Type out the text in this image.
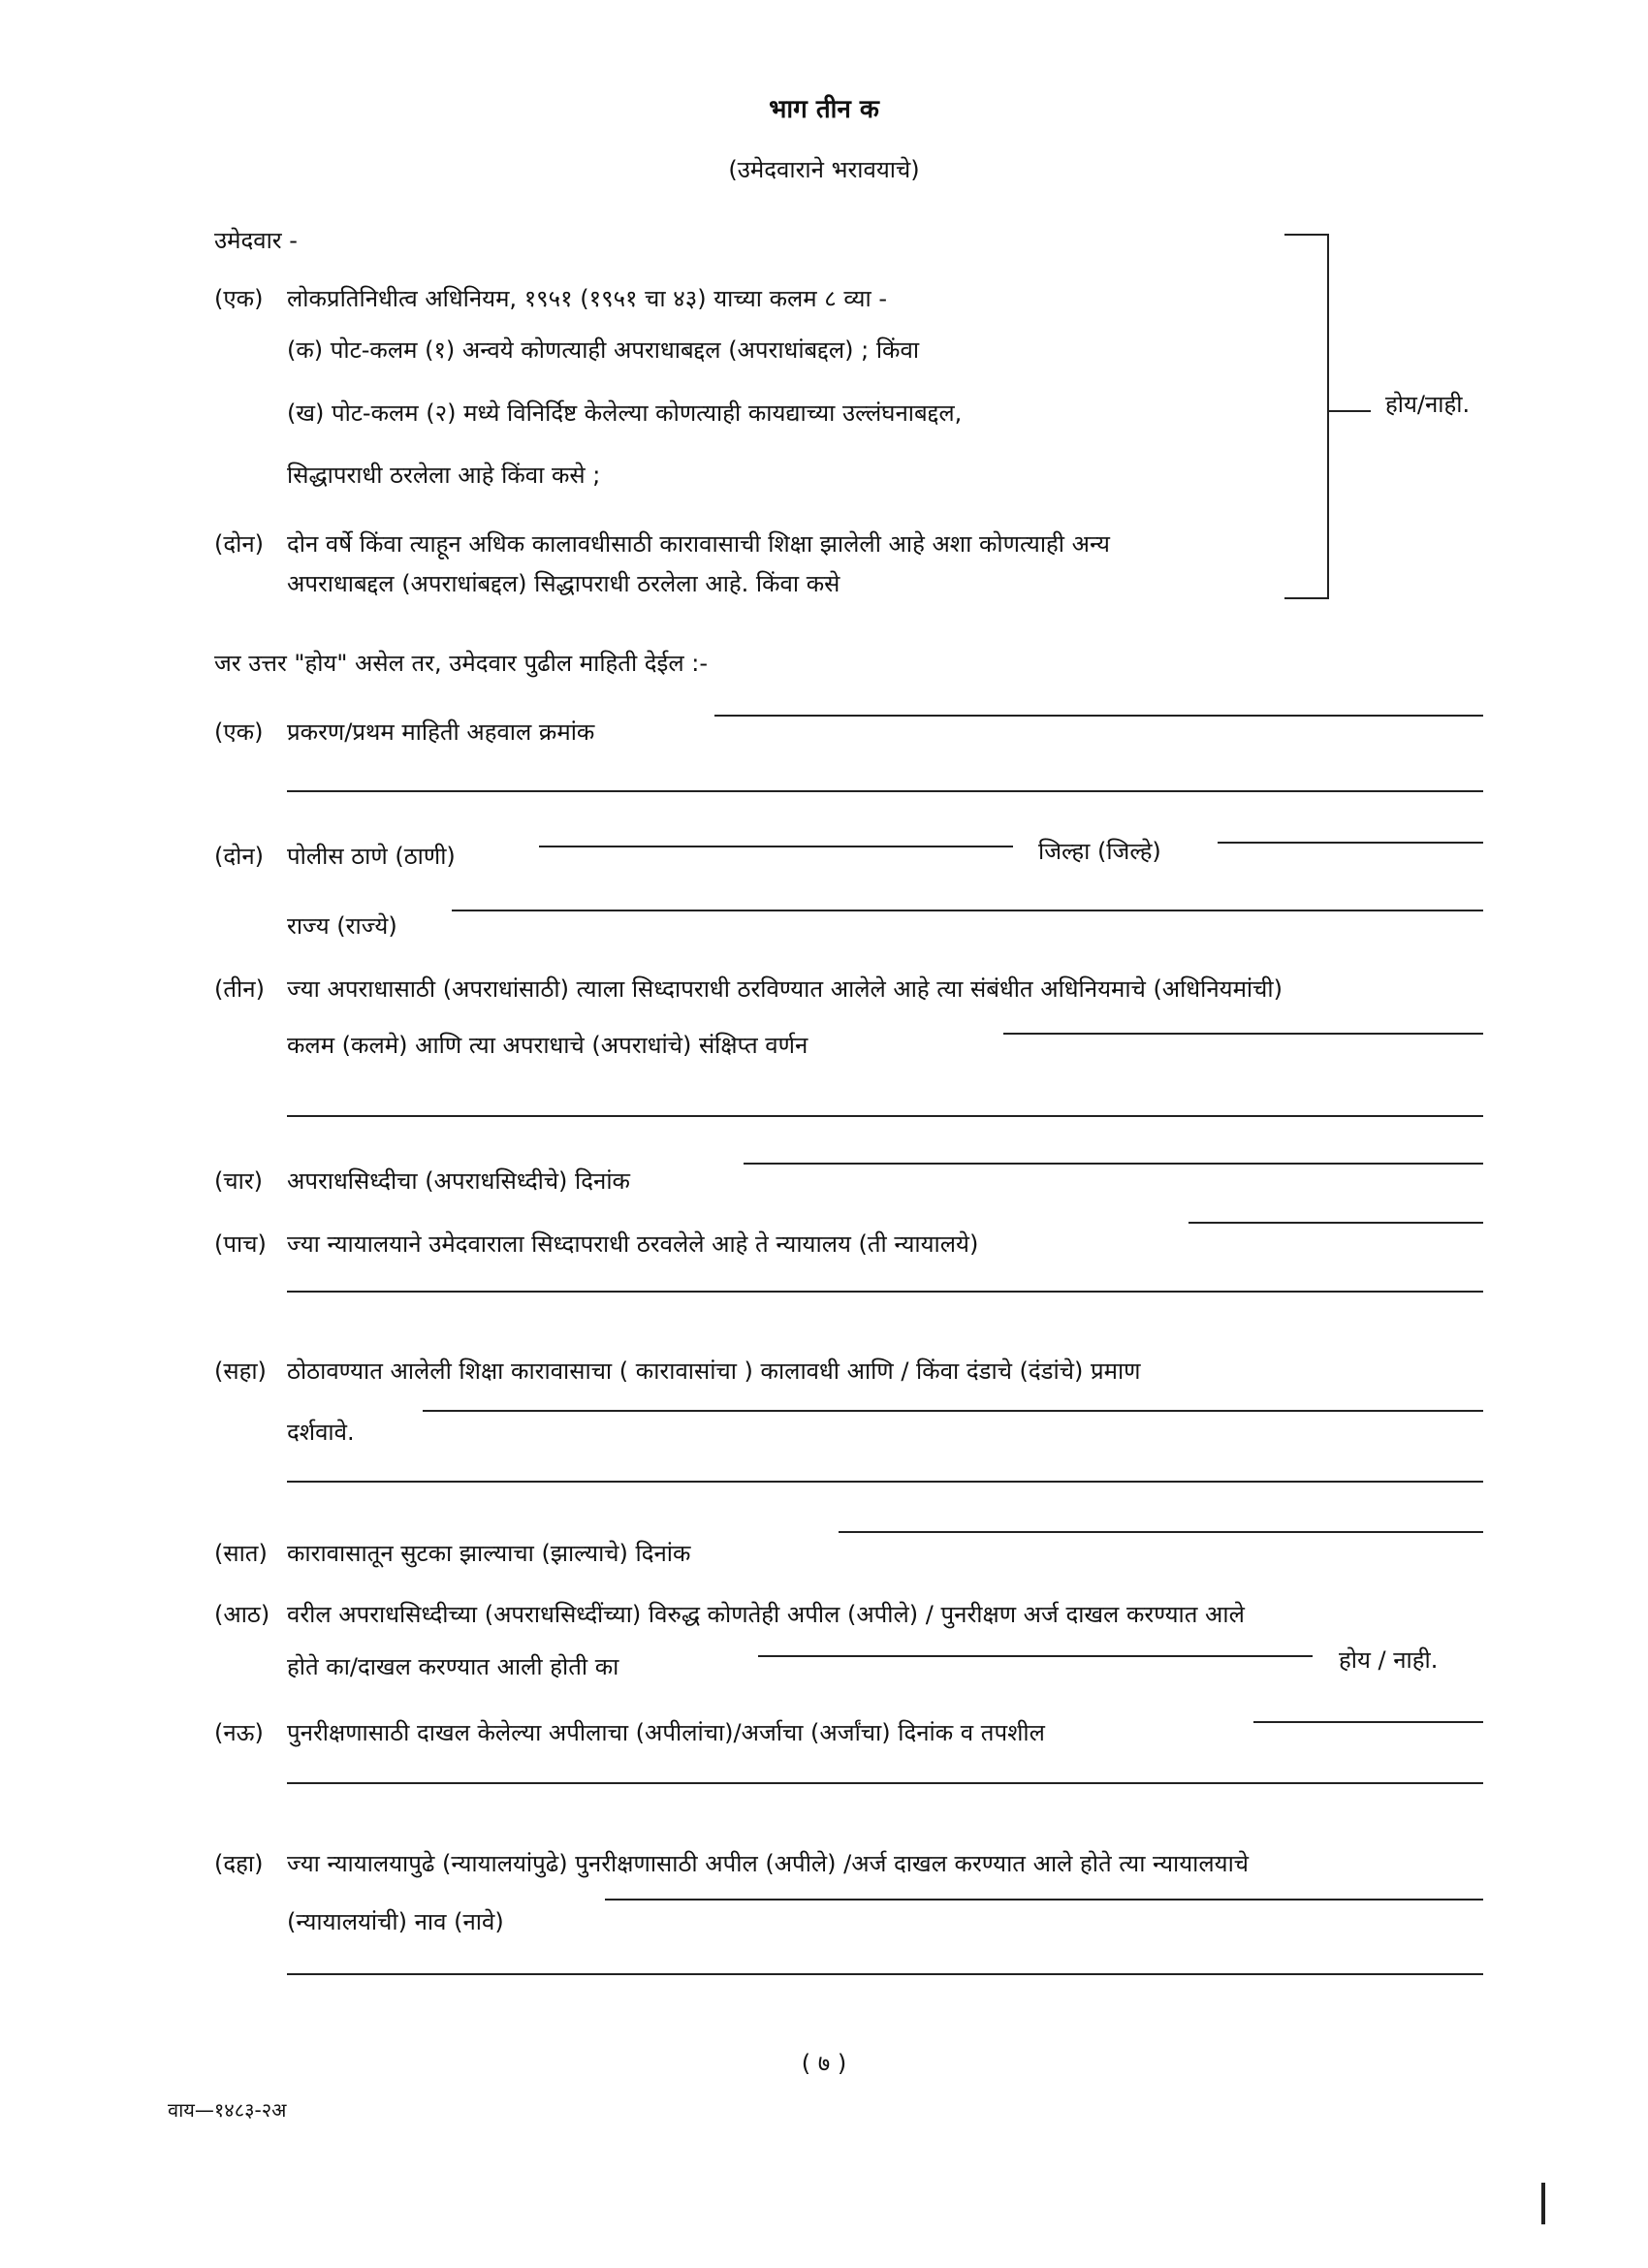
भाग तीन क
(उमेदवाराने भरावयाचे)
उमेदवार -
(एक) लोकप्रतिनिधीत्व अधिनियम, १९५१ (१९५१ चा ४३) याच्या कलम ८ व्या -
(क) पोट-कलम (१) अन्वये कोणत्याही अपराधाबद्दल (अपराधांबद्दल) ; किंवा
(ख) पोट-कलम (२) मध्ये विनिर्दिष्ट केलेल्या कोणत्याही कायद्याच्या उल्लंघनाबद्दल,
सिद्धापराधी ठरलेला आहे किंवा कसे ;
(दोन) दोन वर्षे किंवा त्याहून अधिक कालावधीसाठी कारावासाची शिक्षा झालेली आहे अशा कोणत्याही अन्य
अपराधाबद्दल (अपराधांबद्दल) सिद्धापराधी ठरलेला आहे. किंवा कसे
होय/नाही.
जर उत्तर "होय" असेल तर, उमेदवार पुढील माहिती देईल :-
(एक) प्रकरण/प्रथम माहिती अहवाल क्रमांक
(दोन) पोलीस ठाणे (ठाणी)	जिल्हा (जिल्हे)
राज्य (राज्ये)
(तीन) ज्या अपराधासाठी (अपराधांसाठी) त्याला सिध्दापराधी ठरविण्यात आलेले आहे त्या संबंधीत अधिनियमाचे (अधिनियमांची)
कलम (कलमे) आणि त्या अपराधाचे (अपराधांचे) संक्षिप्त वर्णन
(चार) अपराधसिध्दीचा (अपराधसिध्दीचे) दिनांक
(पाच) ज्या न्यायालयाने उमेदवाराला सिध्दापराधी ठरवलेले आहे ते न्यायालय (ती न्यायालये)
(सहा) ठोठावण्यात आलेली शिक्षा कारावासाचा ( कारावासांचा ) कालावधी आणि / किंवा दंडाचे (दंडांचे) प्रमाण
दर्शवावे.
(सात) कारावासातून सुटका झाल्याचा (झाल्याचे) दिनांक
(आठ) वरील अपराधसिध्दीच्या (अपराधसिध्दींच्या) विरुद्ध कोणतेही अपील (अपीले) / पुनरीक्षण अर्ज दाखल करण्यात आले
होते का/दाखल करण्यात आली होती का	होय / नाही.
(नऊ) पुनरीक्षणासाठी दाखल केलेल्या अपीलाचा (अपीलांचा)/अर्जाचा (अर्जांचा) दिनांक व तपशील
(दहा) ज्या न्यायालयापुढे (न्यायालयांपुढे) पुनरीक्षणासाठी अपील (अपीले) /अर्ज दाखल करण्यात आले होते त्या न्यायालयाचे
(न्यायालयांची) नाव (नावे)
( ७ )
वाय—१४८३-२अ
